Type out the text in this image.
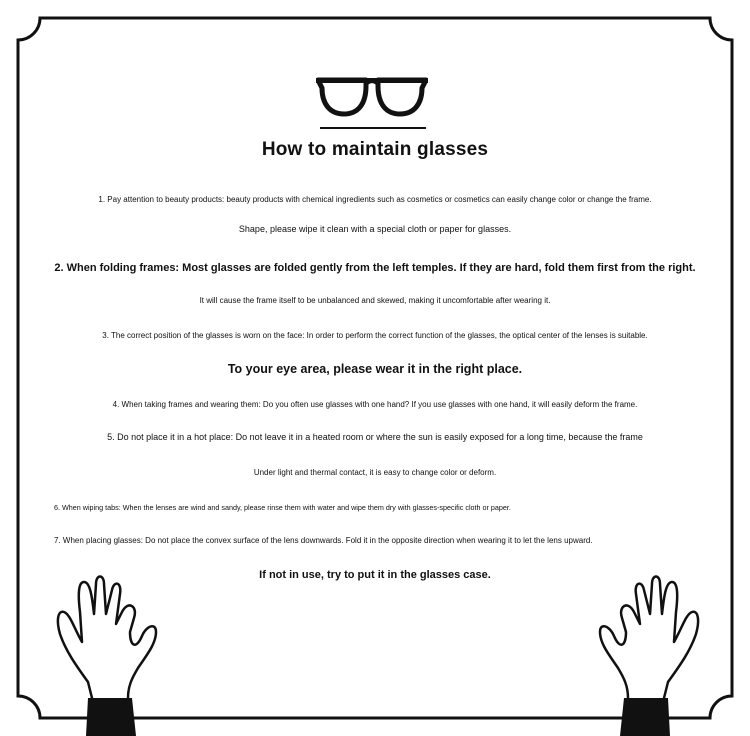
How to maintain glasses
1. Pay attention to beauty products: beauty products with chemical ingredients such as cosmetics or cosmetics can easily change color or change the frame.
Shape, please wipe it clean with a special cloth or paper for glasses.
2. When folding frames: Most glasses are folded gently from the left temples. If they are hard, fold them first from the right.
It will cause the frame itself to be unbalanced and skewed, making it uncomfortable after wearing it.
3. The correct position of the glasses is worn on the face: In order to perform the correct function of the glasses, the optical center of the lenses is suitable.
To your eye area, please wear it in the right place.
4. When taking frames and wearing them: Do you often use glasses with one hand? If you use glasses with one hand, it will easily deform the frame.
5. Do not place it in a hot place: Do not leave it in a heated room or where the sun is easily exposed for a long time, because the frame
Under light and thermal contact, it is easy to change color or deform.
6. When wiping tabs: When the lenses are wind and sandy, please rinse them with water and wipe them dry with glasses-specific cloth or paper.
7. When placing glasses: Do not place the convex surface of the lens downwards. Fold it in the opposite direction when wearing it to let the lens upward.
If not in use, try to put it in the glasses case.
